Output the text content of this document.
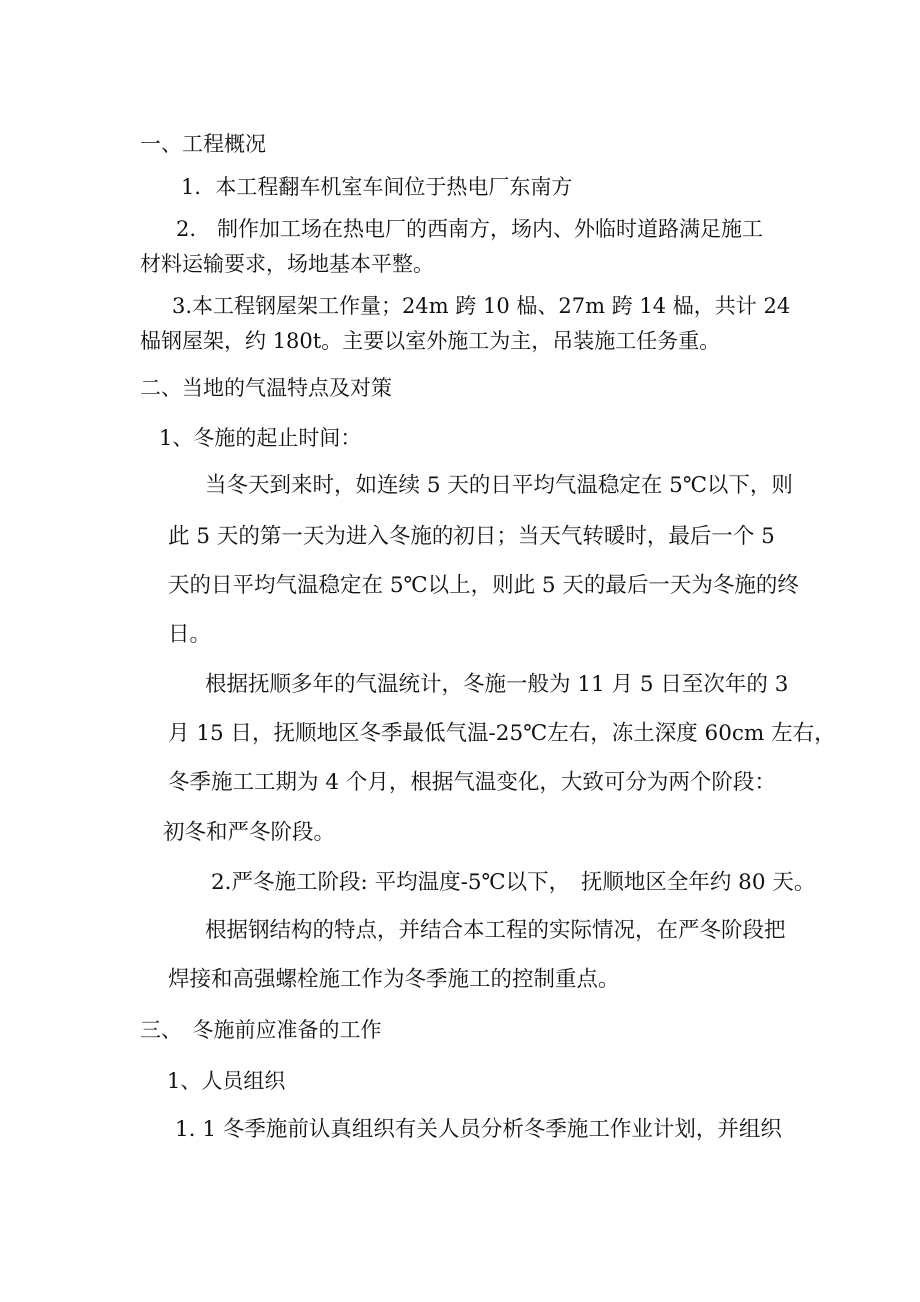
一、工程概况
1．本工程翻车机室车间位于热电厂东南方
2.　制作加工场在热电厂的西南方，场内、外临时道路满足施工
材料运输要求，场地基本平整。
3.本工程钢屋架工作量；24m 跨 10 榀、27m 跨 14 榀，共计 24
榀钢屋架，约 180t。主要以室外施工为主，吊装施工任务重。
二、当地的气温特点及对策
1、冬施的起止时间：
当冬天到来时，如连续 5 天的日平均气温稳定在 5℃以下，则
此 5 天的第一天为进入冬施的初日；当天气转暖时，最后一个 5
天的日平均气温稳定在 5℃以上，则此 5 天的最后一天为冬施的终
日。
根据抚顺多年的气温统计，冬施一般为 11 月 5 日至次年的 3
月 15 日，抚顺地区冬季最低气温-25℃左右，冻土深度 60cm 左右，
冬季施工工期为 4 个月，根据气温变化，大致可分为两个阶段：
初冬和严冬阶段。
2.严冬施工阶段: 平均温度-5℃以下，　抚顺地区全年约 80 天。
根据钢结构的特点，并结合本工程的实际情况，在严冬阶段把
焊接和高强螺栓施工作为冬季施工的控制重点。
三、　冬施前应准备的工作
1、人员组织
1. 1 冬季施前认真组织有关人员分析冬季施工作业计划，并组织
